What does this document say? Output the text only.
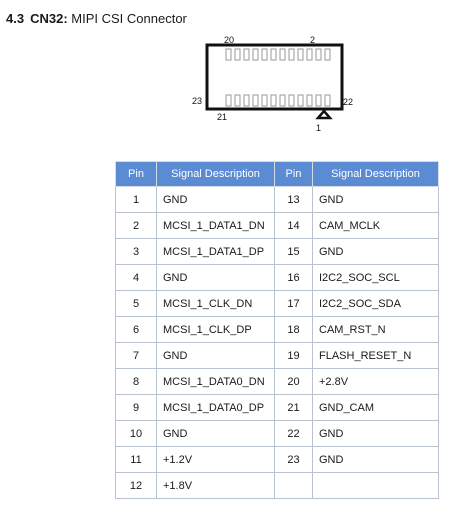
4.3 CN32: MIPI CSI Connector
20	2
23	22
21
1
Pin	Signal Description	Pin	Signal Description
1	GND	13	GND
2	MCSI_1_DATA1_DN	14	CAM_MCLK
3	MCSI_1_DATA1_DP	15	GND
4	GND	16	I2C2_SOC_SCL
5	MCSI_1_CLK_DN	17	I2C2_SOC_SDA
6	MCSI_1_CLK_DP	18	CAM_RST_N
7	GND	19	FLASH_RESET_N
8	MCSI_1_DATA0_DN	20	+2.8V
9	MCSI_1_DATA0_DP	21	GND_CAM
10	GND	22	GND
11	+1.2V	23	GND
12	+1.8V		
